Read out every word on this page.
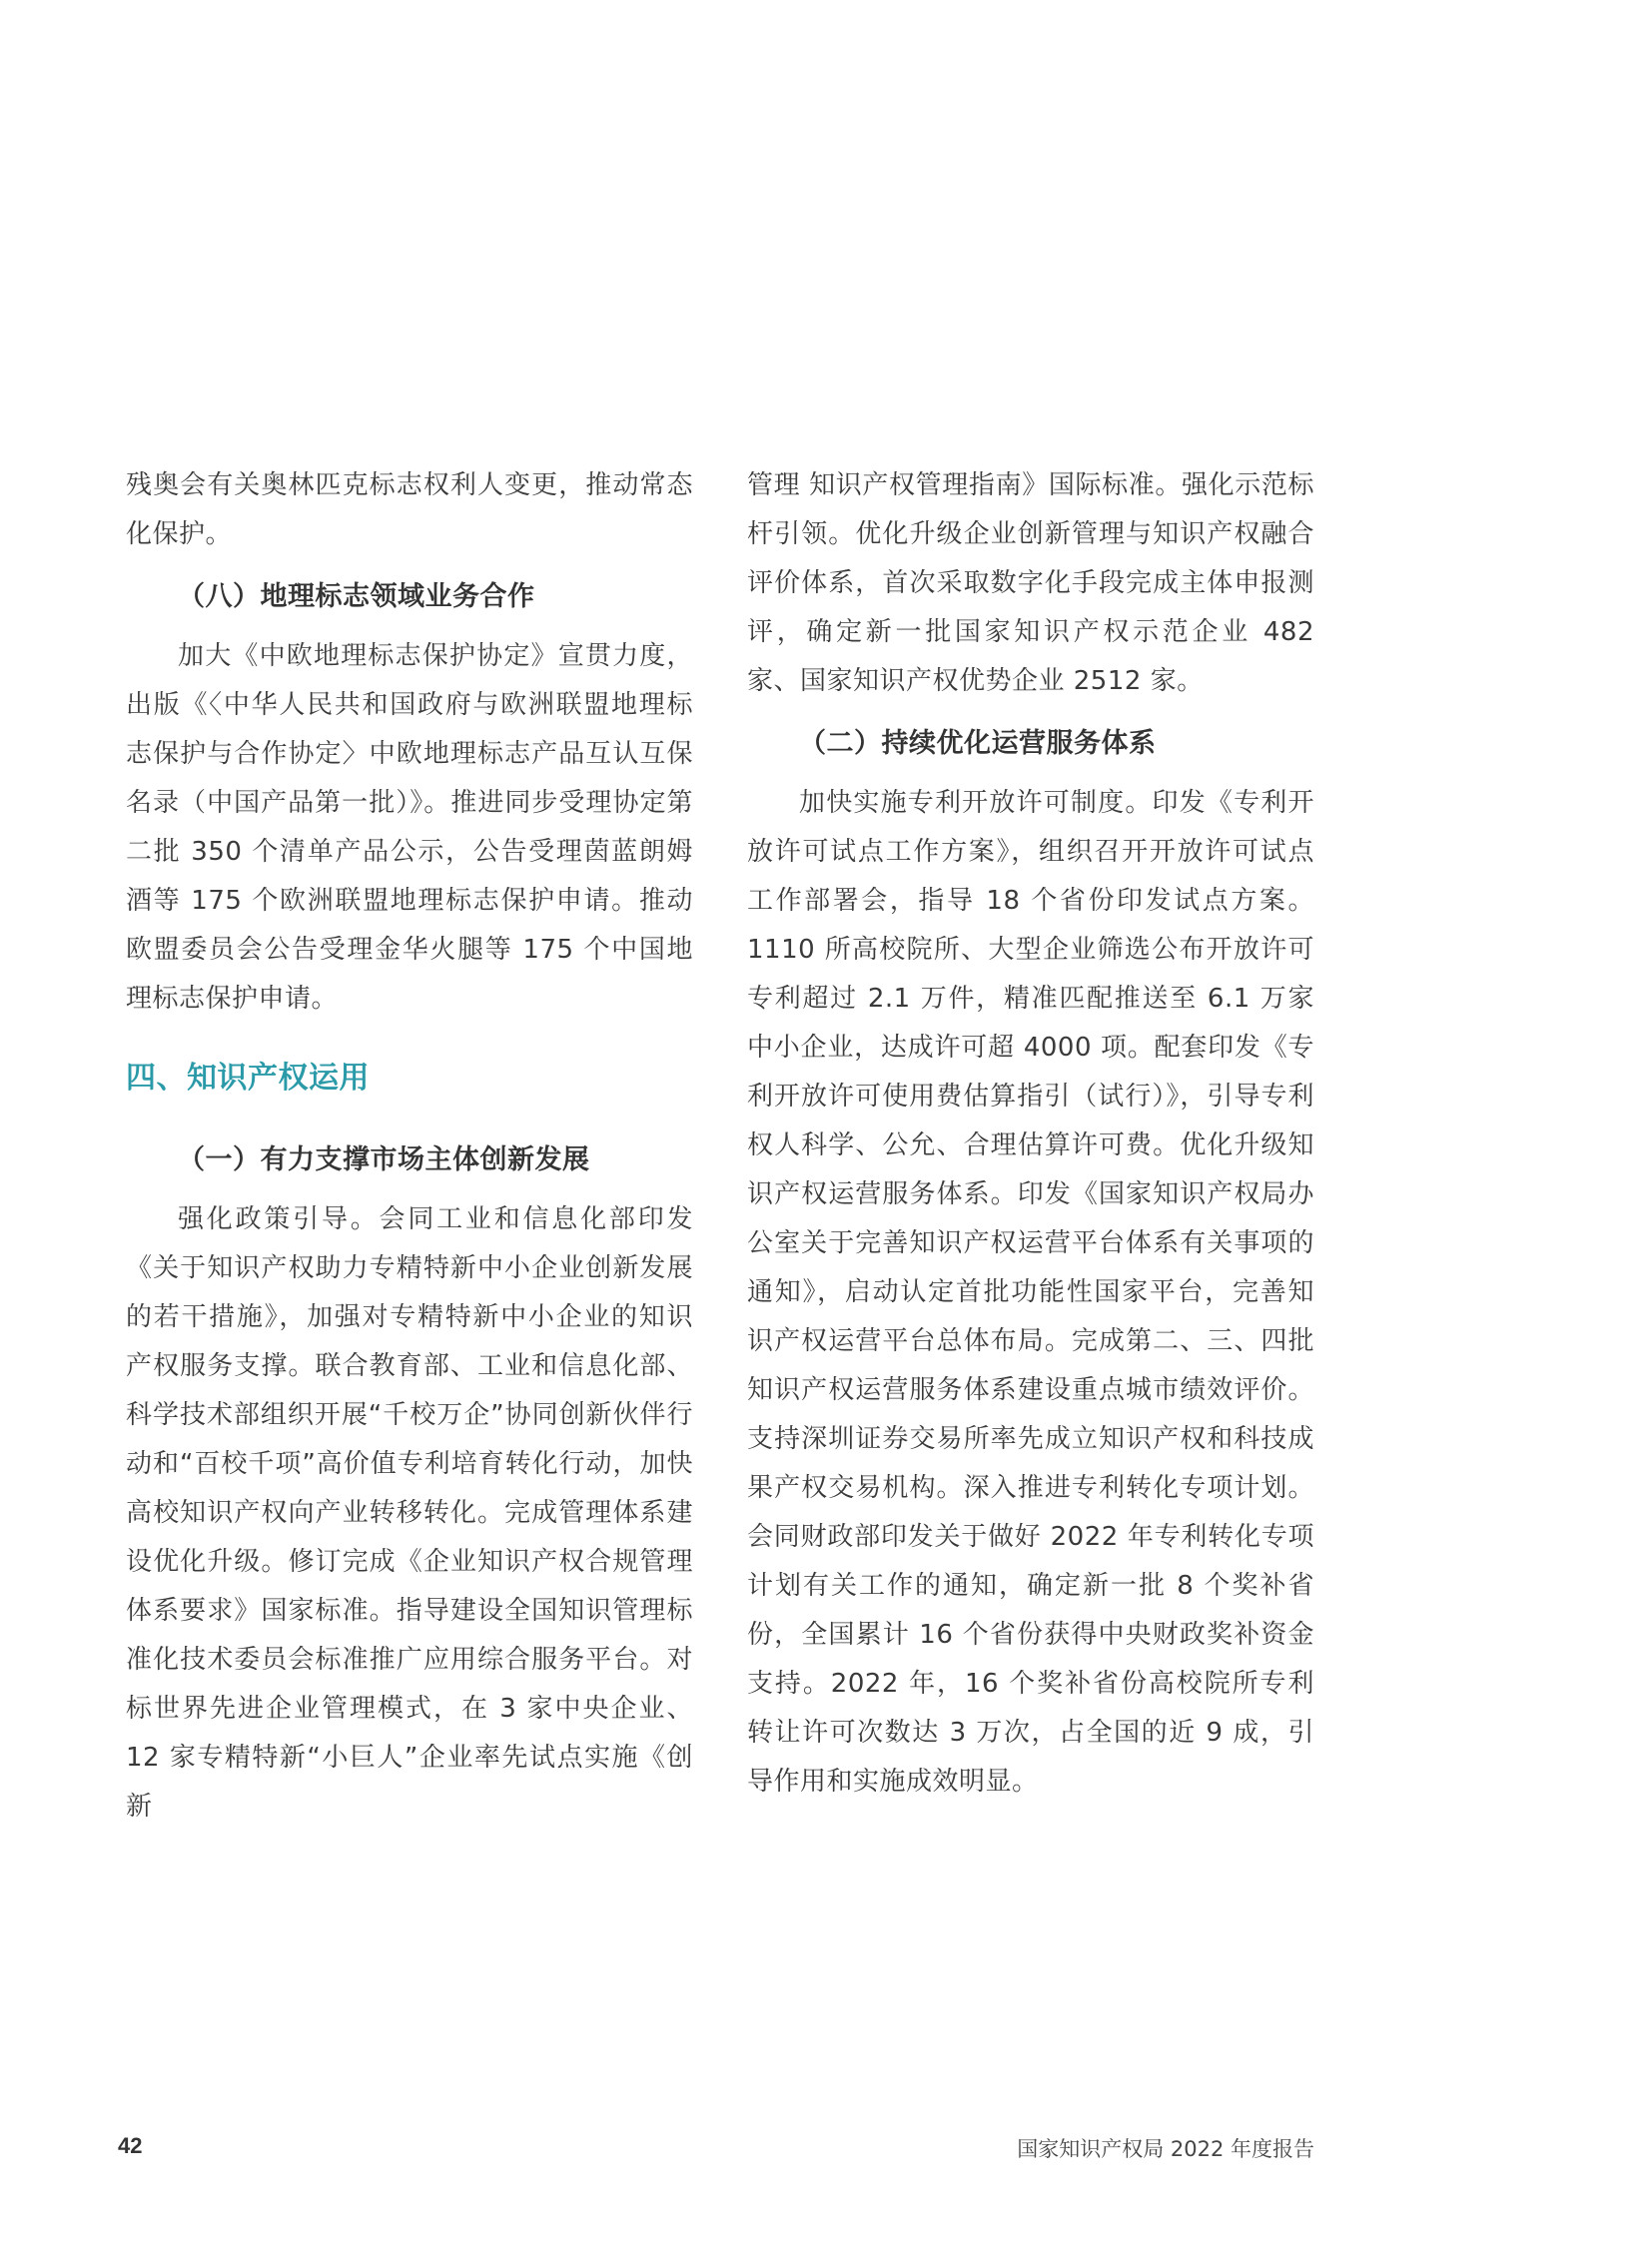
残奥会有关奥林匹克标志权利人变更，推动常态化保护。

（八）地理标志领域业务合作

加大《中欧地理标志保护协定》宣贯力度，出版《〈中华人民共和国政府与欧洲联盟地理标志保护与合作协定〉中欧地理标志产品互认互保名录（中国产品第一批）》。推进同步受理协定第二批 350 个清单产品公示，公告受理茵蓝朗姆酒等 175 个欧洲联盟地理标志保护申请。推动欧盟委员会公告受理金华火腿等 175 个中国地理标志保护申请。

四、知识产权运用
（一）有力支撑市场主体创新发展

强化政策引导。会同工业和信息化部印发《关于知识产权助力专精特新中小企业创新发展的若干措施》，加强对专精特新中小企业的知识产权服务支撑。联合教育部、工业和信息化部、科学技术部组织开展“千校万企”协同创新伙伴行动和“百校千项”高价值专利培育转化行动，加快高校知识产权向产业转移转化。完成管理体系建设优化升级。修订完成《企业知识产权合规管理体系要求》国家标准。指导建设全国知识管理标准化技术委员会标准推广应用综合服务平台。对标世界先进企业管理模式，在 3 家中央企业、12 家专精特新“小巨人”企业率先试点实施《创新

管理 知识产权管理指南》国际标准。强化示范标杆引领。优化升级企业创新管理与知识产权融合评价体系，首次采取数字化手段完成主体申报测评，确定新一批国家知识产权示范企业 482 家、国家知识产权优势企业 2512 家。

（二）持续优化运营服务体系

加快实施专利开放许可制度。印发《专利开放许可试点工作方案》，组织召开开放许可试点工作部署会，指导 18 个省份印发试点方案。1110 所高校院所、大型企业筛选公布开放许可专利超过 2.1 万件，精准匹配推送至 6.1 万家中小企业，达成许可超 4000 项。配套印发《专利开放许可使用费估算指引（试行）》，引导专利权人科学、公允、合理估算许可费。优化升级知识产权运营服务体系。印发《国家知识产权局办公室关于完善知识产权运营平台体系有关事项的通知》，启动认定首批功能性国家平台，完善知识产权运营平台总体布局。完成第二、三、四批知识产权运营服务体系建设重点城市绩效评价。支持深圳证券交易所率先成立知识产权和科技成果产权交易机构。深入推进专利转化专项计划。会同财政部印发关于做好 2022 年专利转化专项计划有关工作的通知，确定新一批 8 个奖补省份，全国累计 16 个省份获得中央财政奖补资金支持。2022 年，16 个奖补省份高校院所专利转让许可次数达 3 万次，占全国的近 9 成，引导作用和实施成效明显。

42	国家知识产权局 2022 年度报告
